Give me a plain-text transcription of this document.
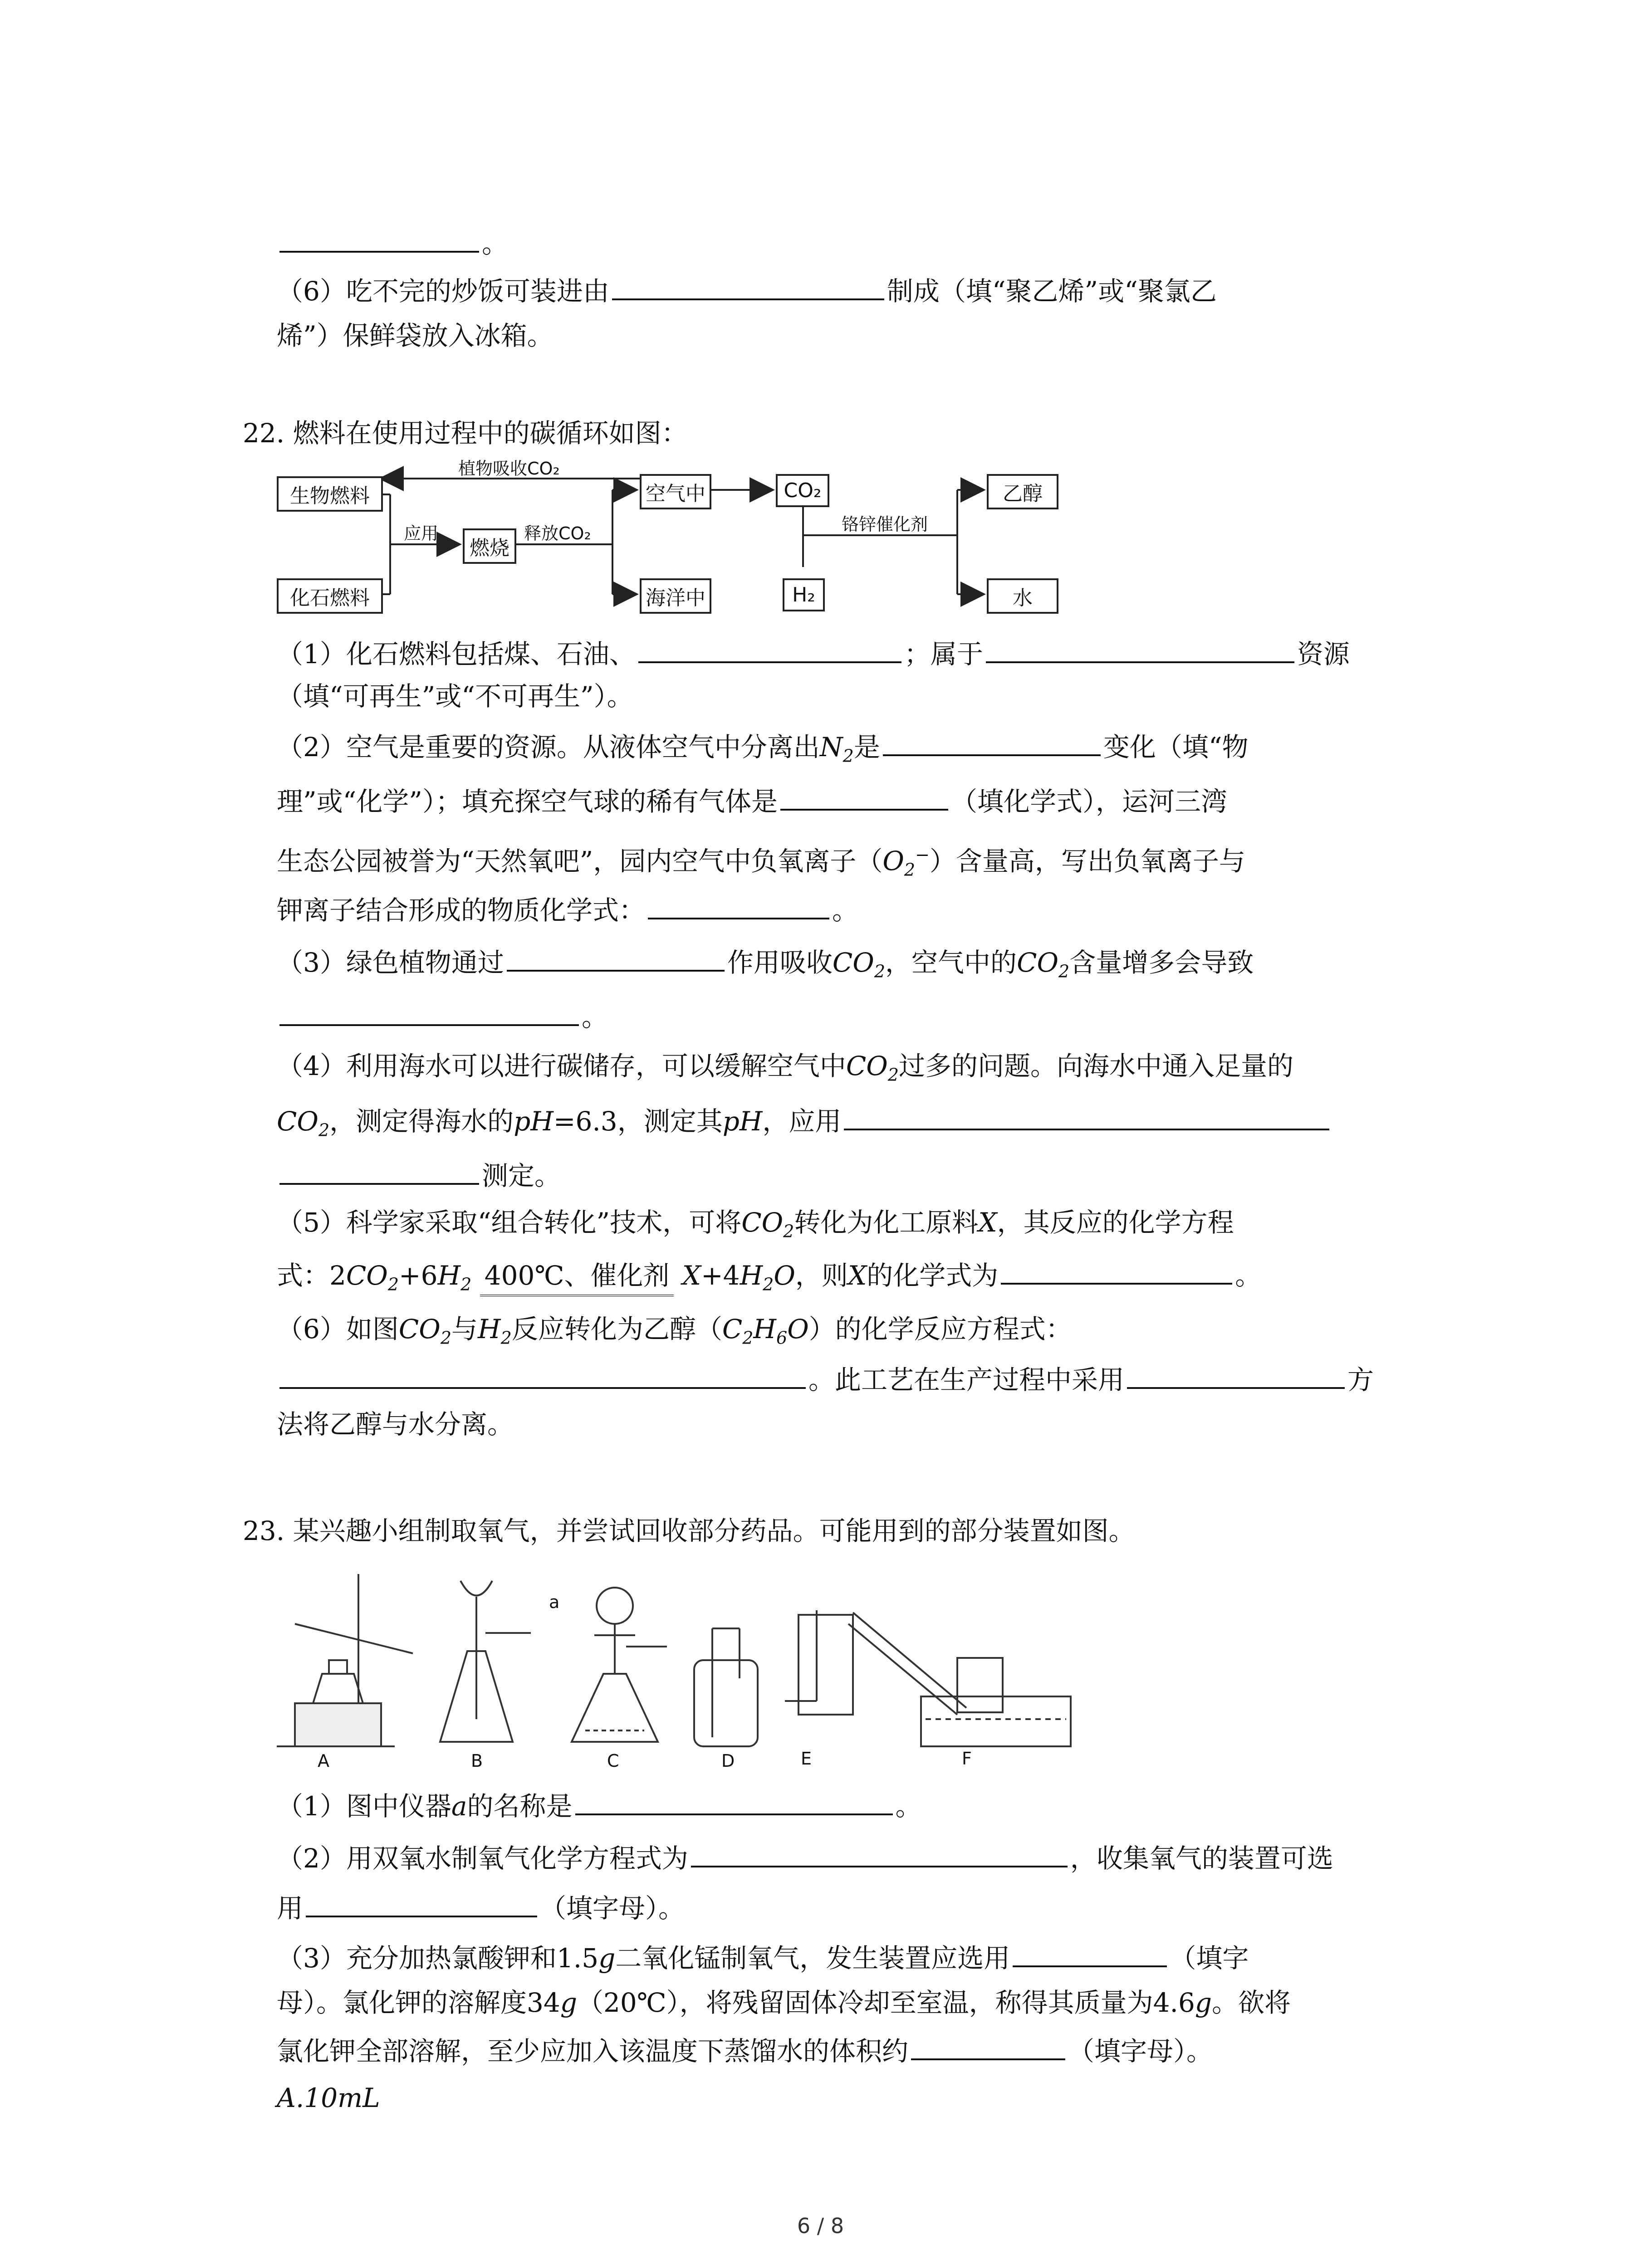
。
（6）吃不完的炒饭可装进由	制成（填“聚乙烯”或“聚氯乙
烯”）保鲜袋放入冰箱。
22. 燃料在使用过程中的碳循环如图：
生物燃料
化石燃料
燃烧
空气中
海洋中
CO₂
H₂
乙醇
水
植物吸收CO₂
应用	释放CO₂	铬锌催化剂
（1）化石燃料包括煤、石油、	；属于	资源
（填“可再生”或“不可再生”）。
（2）空气是重要的资源。从液体空气中分离出$N_2$是	变化（填“物
理”或“化学”）；填充探空气球的稀有气体是	（填化学式），运河三湾
生态公园被誉为“天然氧吧”，园内空气中负氧离子$(O_2^-)$含量高，写出负氧离子与
钾离子结合形成的物质化学式：	。
（3）绿色植物通过	作用吸收$CO_2$，空气中的$CO_2$含量增多会导致
。
（4）利用海水可以进行碳储存，可以缓解空气中$CO_2$过多的问题。向海水中通入足量的
$CO_2$，测定得海水的pH=6.3，测定其pH，应用
测定。
（5）科学家采取“组合转化”技术，可将$CO_2$转化为化工原料X，其反应的化学方程
式：$2CO_2+6H_2$ 400℃、催化剂 $X+4H_2O$，则X的化学式为	。
（6）如图$CO_2$与$H_2$反应转化为乙醇$(C_2H_6O)$的化学反应方程式：
。此工艺在生产过程中采用	方
法将乙醇与水分离。
23. 某兴趣小组制取氧气，并尝试回收部分药品。可能用到的部分装置如图。
A	B	C	D	E	F
a
（1）图中仪器a的名称是	。
（2）用双氧水制氧气化学方程式为	，收集氧气的装置可选
用	（填字母）。
（3）充分加热氯酸钾和1.5g二氧化锰制氧气，发生装置应选用	（填字
母）。氯化钾的溶解度34g（20℃），将残留固体冷却至室温，称得其质量为4.6g。欲将
氯化钾全部溶解，至少应加入该温度下蒸馏水的体积约	（填字母）。
A.10mL
6 / 8
